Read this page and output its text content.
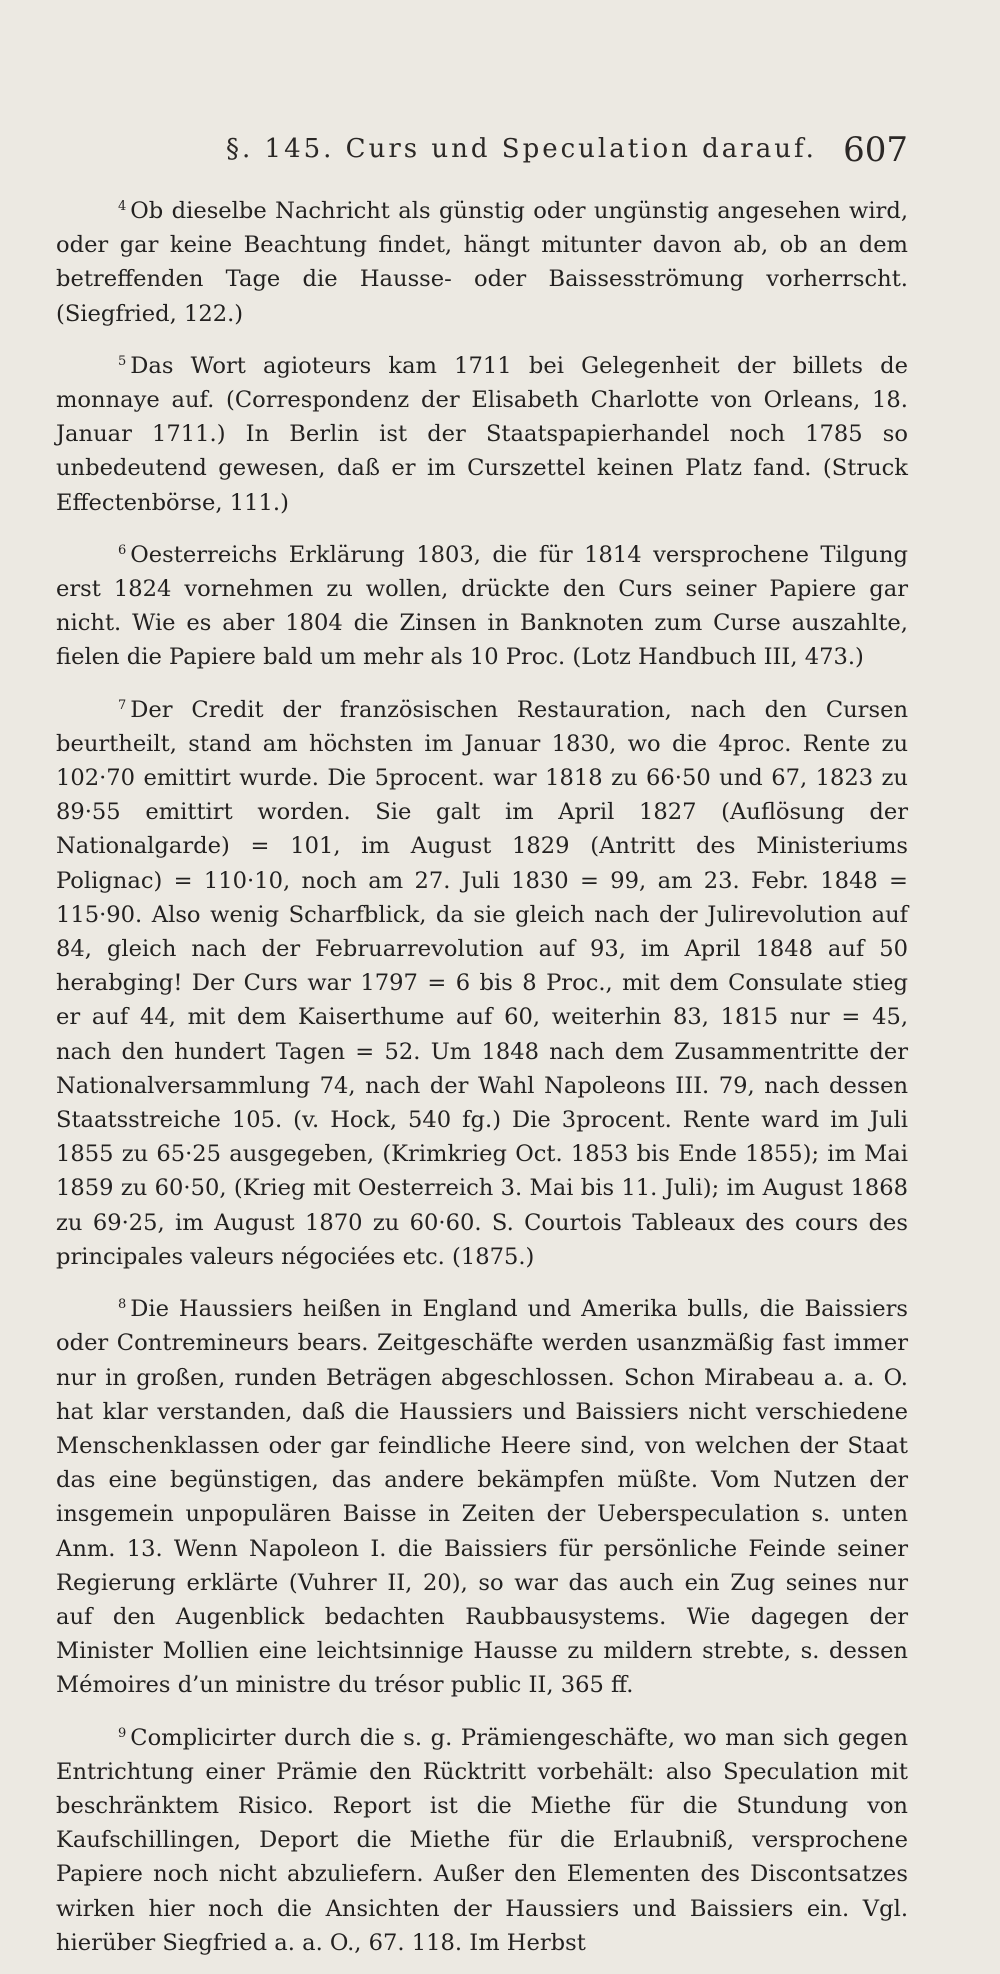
§. 145. Curs und Speculation darauf. 607

$^4$ Ob dieselbe Nachricht als günstig oder ungünstig angesehen wird, oder gar keine Beachtung findet, hängt mitunter davon ab, ob an dem betreffenden Tage die Hausse- oder Baissesströmung vorherrscht. (Siegfried, 122.)

$^5$ Das Wort agioteurs kam 1711 bei Gelegenheit der billets de monnaye auf. (Correspondenz der Elisabeth Charlotte von Orleans, 18. Januar 1711.) In Berlin ist der Staatspapierhandel noch 1785 so unbedeutend gewesen, daß er im Curszettel keinen Platz fand. (Struck Effectenbörse, 111.)

$^6$ Oesterreichs Erklärung 1803, die für 1814 versprochene Tilgung erst 1824 vornehmen zu wollen, drückte den Curs seiner Papiere gar nicht. Wie es aber 1804 die Zinsen in Banknoten zum Curse auszahlte, fielen die Papiere bald um mehr als 10 Proc. (Lotz Handbuch III, 473.)

$^7$ Der Credit der französischen Restauration, nach den Cursen beurtheilt, stand am höchsten im Januar 1830, wo die 4proc. Rente zu 102·70 emittirt wurde. Die 5procent. war 1818 zu 66·50 und 67, 1823 zu 89·55 emittirt worden. Sie galt im April 1827 (Auflösung der Nationalgarde) = 101, im August 1829 (Antritt des Ministeriums Polignac) = 110·10, noch am 27. Juli 1830 = 99, am 23. Febr. 1848 = 115·90. Also wenig Scharfblick, da sie gleich nach der Julirevolution auf 84, gleich nach der Februarrevolution auf 93, im April 1848 auf 50 herabging! Der Curs war 1797 = 6 bis 8 Proc., mit dem Consulate stieg er auf 44, mit dem Kaiserthume auf 60, weiterhin 83, 1815 nur = 45, nach den hundert Tagen = 52. Um 1848 nach dem Zusammentritte der Nationalversammlung 74, nach der Wahl Napoleons III. 79, nach dessen Staatsstreiche 105. (v. Hock, 540 fg.) Die 3procent. Rente ward im Juli 1855 zu 65·25 ausgegeben, (Krimkrieg Oct. 1853 bis Ende 1855); im Mai 1859 zu 60·50, (Krieg mit Oesterreich 3. Mai bis 11. Juli); im August 1868 zu 69·25, im August 1870 zu 60·60. S. Courtois Tableaux des cours des principales valeurs négociées etc. (1875.)

$^8$ Die Haussiers heißen in England und Amerika bulls, die Baissiers oder Contremineurs bears. Zeitgeschäfte werden usanzmäßig fast immer nur in großen, runden Beträgen abgeschlossen. Schon Mirabeau a. a. O. hat klar verstanden, daß die Haussiers und Baissiers nicht verschiedene Menschenklassen oder gar feindliche Heere sind, von welchen der Staat das eine begünstigen, das andere bekämpfen müßte. Vom Nutzen der insgemein unpopulären Baisse in Zeiten der Ueberspeculation s. unten Anm. 13. Wenn Napoleon I. die Baissiers für persönliche Feinde seiner Regierung erklärte (Vuhrer II, 20), so war das auch ein Zug seines nur auf den Augenblick bedachten Raubbausystems. Wie dagegen der Minister Mollien eine leichtsinnige Hausse zu mildern strebte, s. dessen Mémoires d’un ministre du trésor public II, 365 ff.

$^9$ Complicirter durch die s. g. Prämiengeschäfte, wo man sich gegen Entrichtung einer Prämie den Rücktritt vorbehält: also Speculation mit beschränktem Risico. Report ist die Miethe für die Stundung von Kaufschillingen, Deport die Miethe für die Erlaubniß, versprochene Papiere noch nicht abzuliefern. Außer den Elementen des Discontsatzes wirken hier noch die Ansichten der Haussiers und Baissiers ein. Vgl. hierüber Siegfried a. a. O., 67. 118. Im Herbst
